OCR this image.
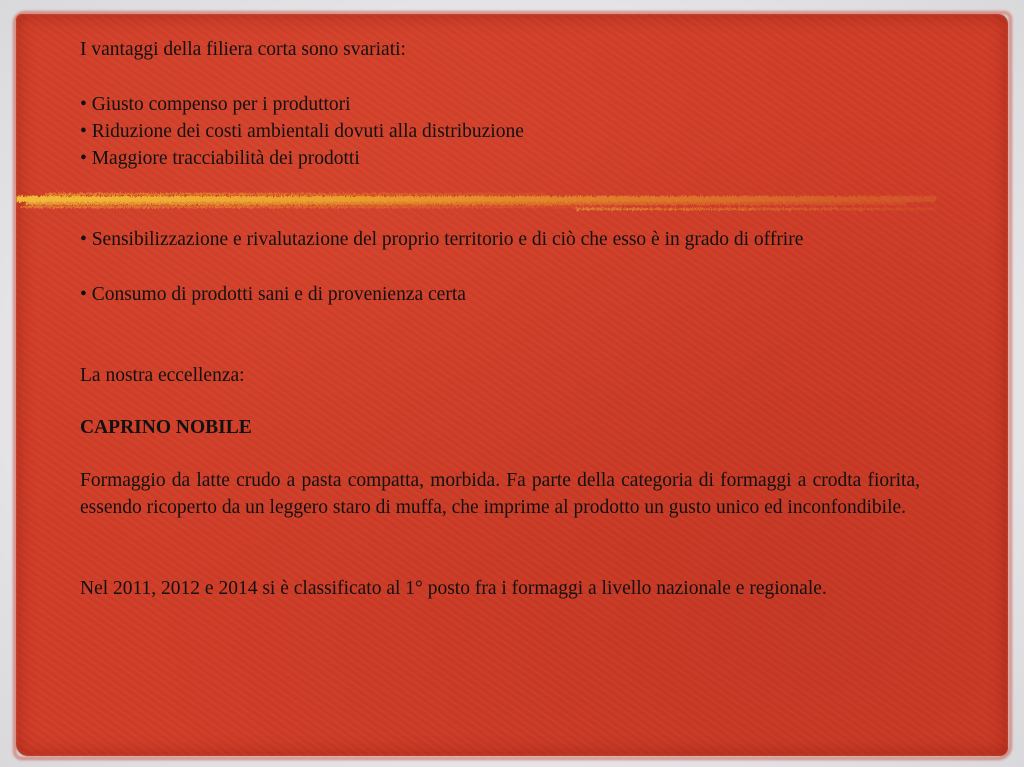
I vantaggi della filiera corta sono svariati:

• Giusto compenso per i produttori

• Riduzione dei costi ambientali dovuti alla distribuzione

• Maggiore tracciabilità dei prodotti

• Sensibilizzazione e rivalutazione del proprio territorio e di ciò che esso è in grado di offrire

• Consumo di prodotti sani e di provenienza certa

La nostra eccellenza:

CAPRINO NOBILE

Formaggio da latte crudo a pasta compatta, morbida. Fa parte della categoria di formaggi a crodta fiorita, essendo ricoperto da un leggero staro di muffa, che imprime al prodotto un gusto unico ed inconfondibile.

Nel 2011, 2012 e 2014 si è classificato al 1° posto fra i formaggi a livello nazionale e regionale.
